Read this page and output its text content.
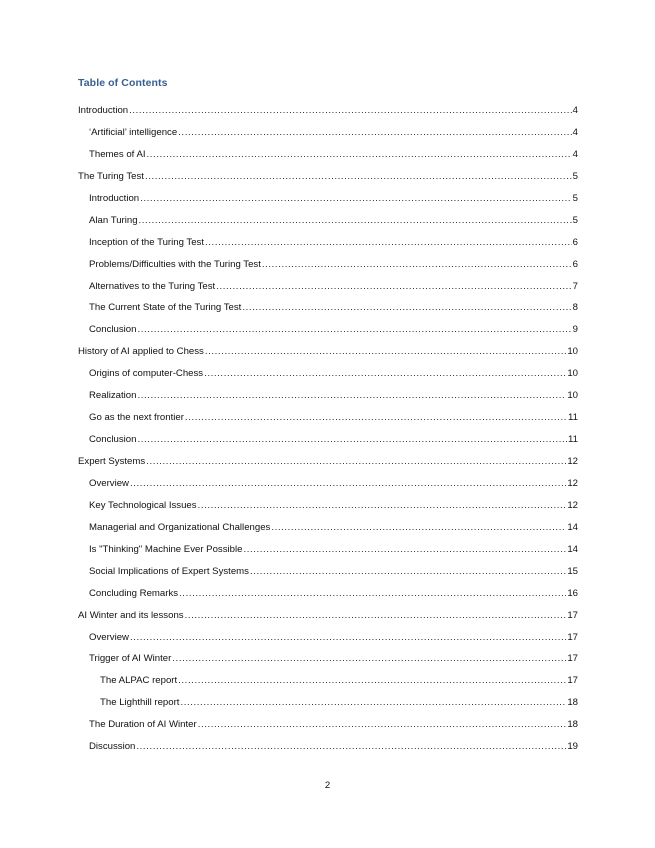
Table of Contents
Introduction .....	4
‘Artificial’ intelligence .....	4
Themes of AI .....	4
The Turing Test .....	5
Introduction .....	5
Alan Turing .....	5
Inception of the Turing Test .....	6
Problems/Difficulties with the Turing Test .....	6
Alternatives to the Turing Test .....	7
The Current State of the Turing Test .....	8
Conclusion .....	9
History of AI applied to Chess .....	10
Origins of computer-Chess .....	10
Realization .....	10
Go as the next frontier .....	11
Conclusion .....	11
Expert Systems .....	12
Overview .....	12
Key Technological Issues .....	12
Managerial and Organizational Challenges .....	14
Is "Thinking" Machine Ever Possible .....	14
Social Implications of Expert Systems .....	15
Concluding Remarks .....	16
AI Winter and its lessons .....	17
Overview .....	17
Trigger of AI Winter .....	17
The ALPAC report .....	17
The Lighthill report .....	18
The Duration of AI Winter .....	18
Discussion .....	19
2
